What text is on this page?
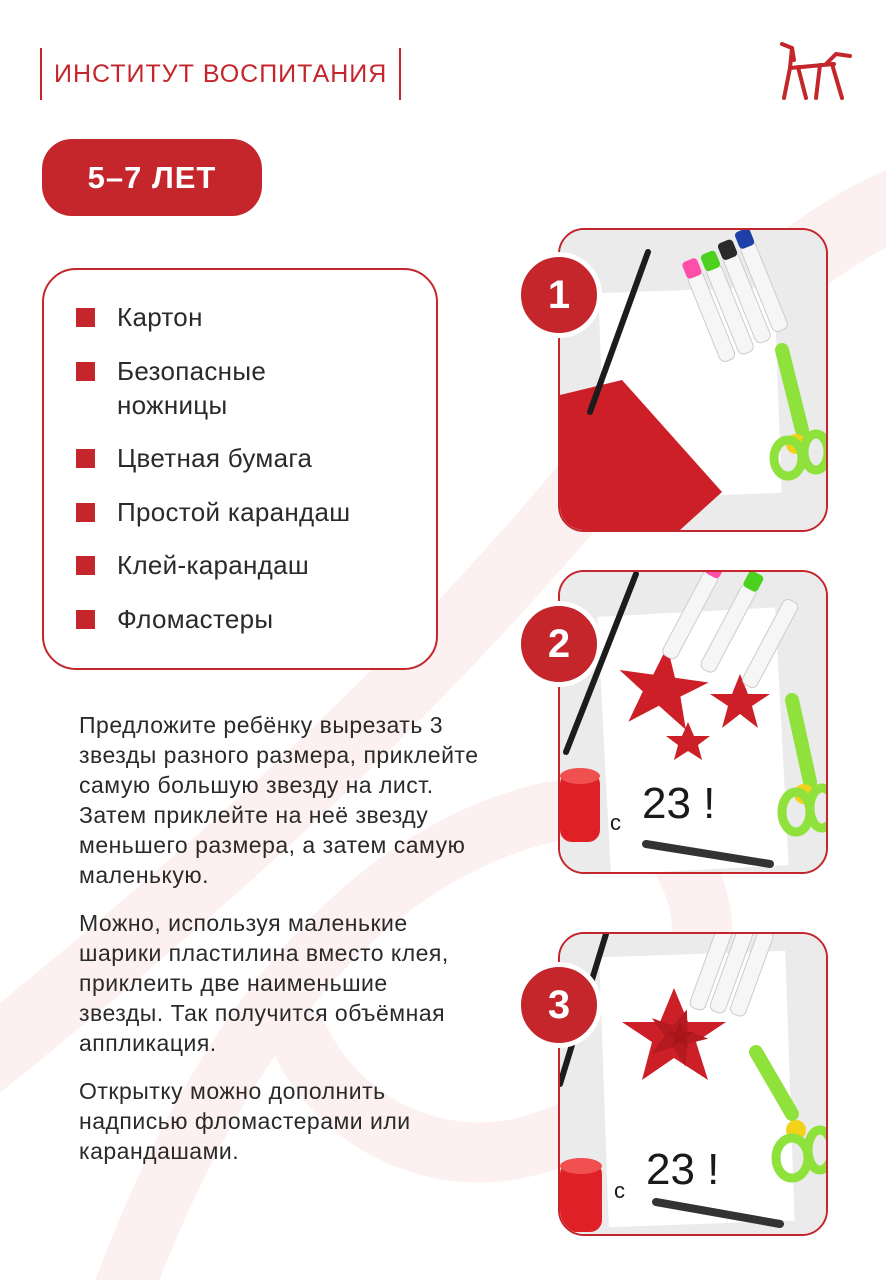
ИНСТИТУТ ВОСПИТАНИЯ
5–7 ЛЕТ
Картон
Безопасные ножницы
Цветная бумага
Простой карандаш
Клей-карандаш
Фломастеры

Предложите ребёнку вырезать 3 звезды разного размера, приклейте самую большую звезду на лист. Затем приклейте на неё звезду меньшего размера, а затем самую маленькую.

Можно, используя маленькие шарики пластилина вместо клея, приклеить две наименьшие звезды. Так получится объёмная аппликация.

Открытку можно дополнить надписью фломастерами или карандашами.

1
с 23 !
2
с 23 !
3
